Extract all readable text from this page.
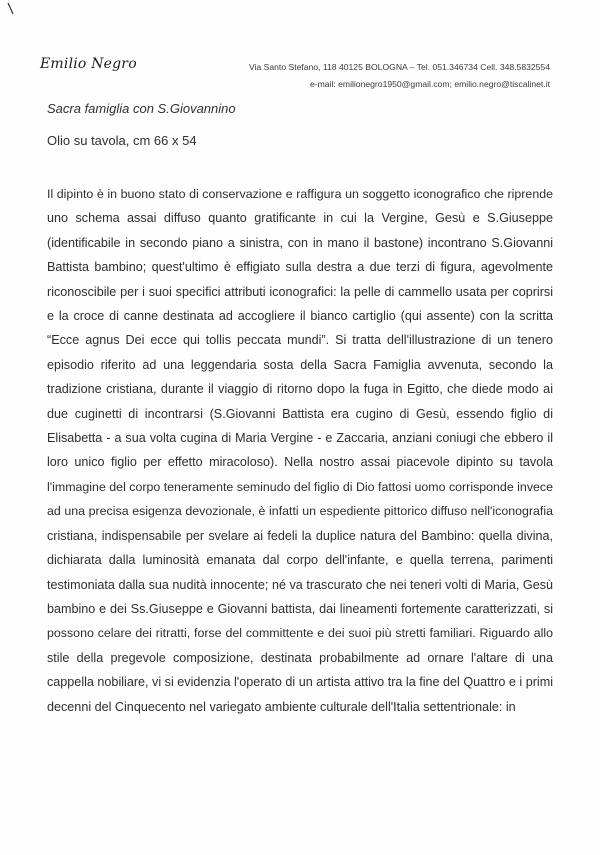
Emilio Negro	Via Santo Stefano, 118 40125 BOLOGNA – Tel. 051.346734 Cell. 348.5832554
e-mail: emilionegro1950@gmail.com; emilio.negro@tiscalinet.it
Sacra famiglia con S.Giovannino
Olio su tavola, cm 66 x 54
Il dipinto è in buono stato di conservazione e raffigura un soggetto iconografico che riprende
uno schema assai diffuso quanto gratificante in cui la Vergine, Gesù e S.Giuseppe
(identificabile in secondo piano a sinistra, con in mano il bastone) incontrano S.Giovanni
Battista bambino; quest'ultimo è effigiato sulla destra a due terzi di figura, agevolmente
riconoscibile per i suoi specifici attributi iconografici: la pelle di cammello usata per coprirsi
e la croce di canne destinata ad accogliere il bianco cartiglio (qui assente) con la scritta
“Ecce agnus Dei ecce qui tollis peccata mundi”. Si tratta dell'illustrazione di un tenero
episodio riferito ad una leggendaria sosta della Sacra Famiglia avvenuta, secondo la
tradizione cristiana, durante il viaggio di ritorno dopo la fuga in Egitto, che diede modo ai
due cuginetti di incontrarsi (S.Giovanni Battista era cugino di Gesù, essendo figlio di
Elisabetta - a sua volta cugina di Maria Vergine - e Zaccaria, anziani coniugi che ebbero il
loro unico figlio per effetto miracoloso). Nella nostro assai piacevole dipinto su tavola
l'immagine del corpo teneramente seminudo del figlio di Dio fattosi uomo corrisponde invece
ad una precisa esigenza devozionale, è infatti un espediente pittorico diffuso nell'iconografia
cristiana, indispensabile per svelare ai fedeli la duplice natura del Bambino: quella divina,
dichiarata dalla luminosità emanata dal corpo dell'infante, e quella terrena, parimenti
testimoniata dalla sua nudità innocente; né va trascurato che nei teneri volti di Maria, Gesù
bambino e dei Ss.Giuseppe e Giovanni battista, dai lineamenti fortemente caratterizzati, si
possono celare dei ritratti, forse del committente e dei suoi più stretti familiari. Riguardo allo
stile della pregevole composizione, destinata probabilmente ad ornare l'altare di una
cappella nobiliare, vi si evidenzia l'operato di un artista attivo tra la fine del Quattro e i primi
decenni del Cinquecento nel variegato ambiente culturale dell'Italia settentrionale: in
